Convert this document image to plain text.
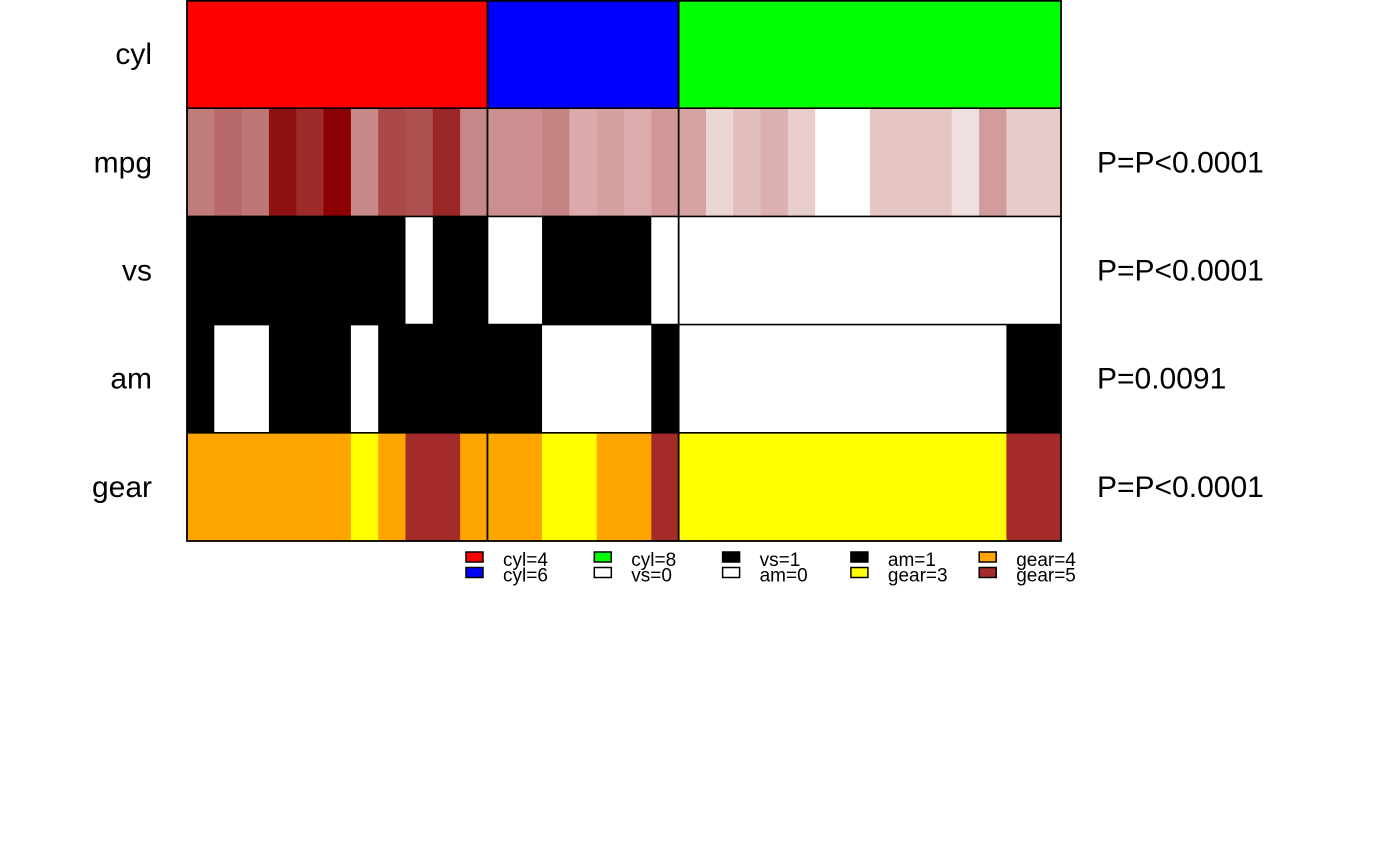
cyl
mpg	P=P<0.0001
vs	P=P<0.0001
am	P=0.0091
gear	P=P<0.0001
cyl=4
cyl=6
cyl=8
vs=0
vs=1
am=0
am=1
gear=3
gear=4
gear=5
